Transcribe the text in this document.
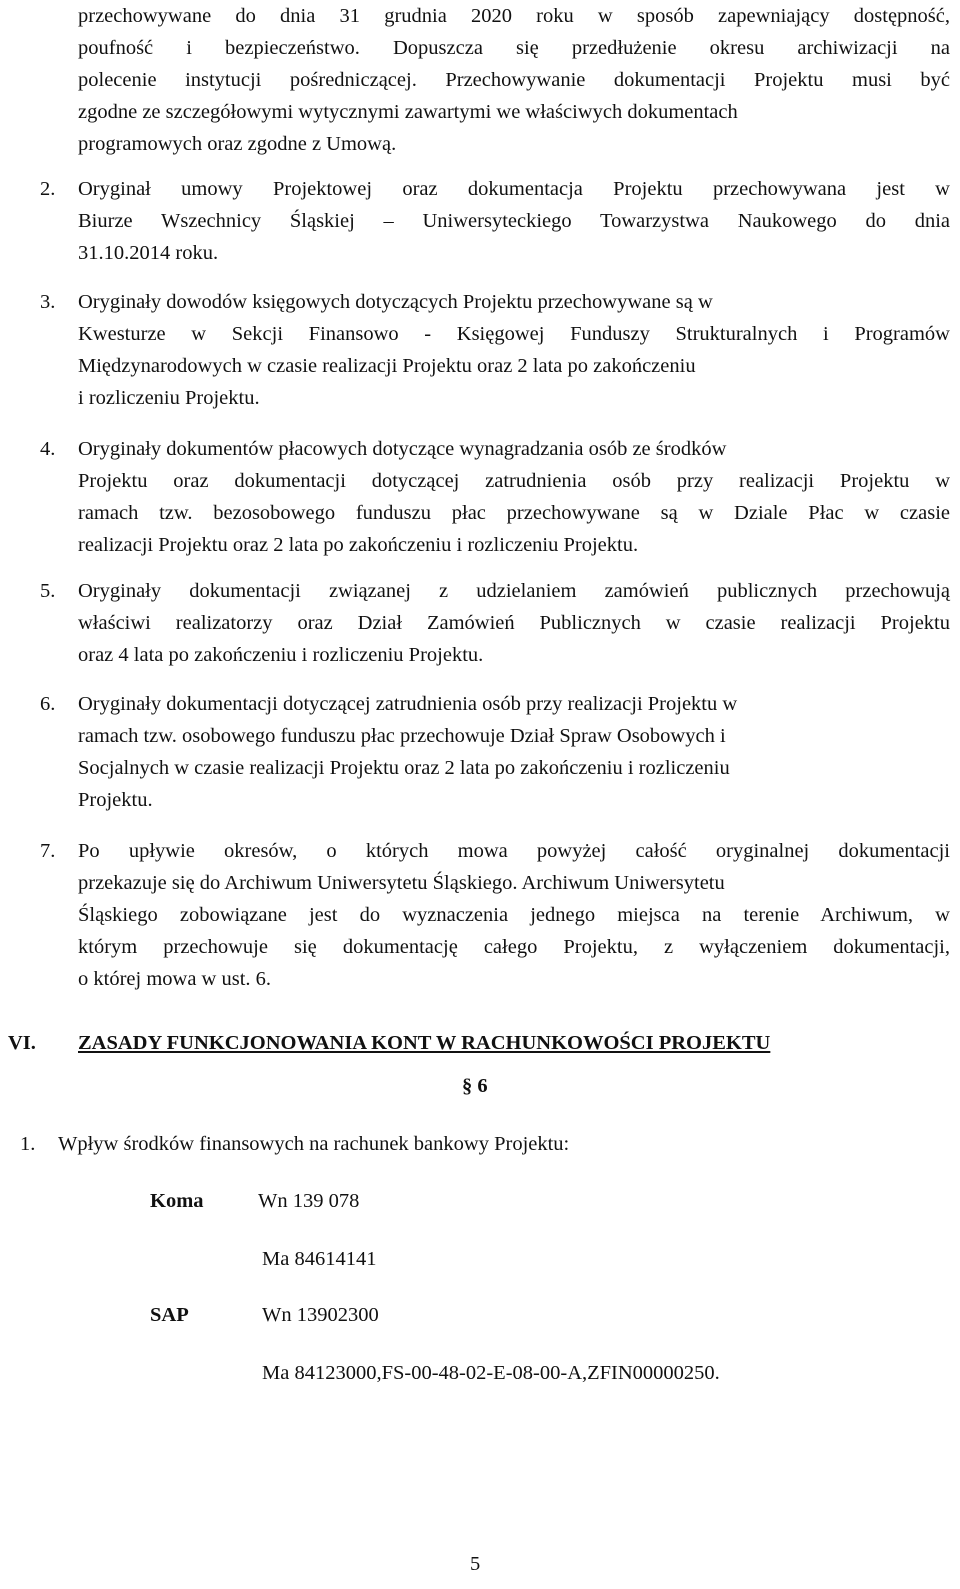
przechowywane do dnia 31 grudnia 2020 roku w sposób zapewniający dostępność,
poufność i bezpieczeństwo. Dopuszcza się przedłużenie okresu archiwizacji na
polecenie instytucji pośredniczącej. Przechowywanie dokumentacji Projektu musi być
zgodne ze szczegółowymi wytycznymi zawartymi we właściwych dokumentach
programowych oraz zgodne z Umową.
2.	Oryginał umowy Projektowej oraz dokumentacja Projektu przechowywana jest w
Biurze Wszechnicy Śląskiej – Uniwersyteckiego Towarzystwa Naukowego do dnia
31.10.2014 roku.
3.	Oryginały dowodów księgowych dotyczących Projektu przechowywane są w
Kwesturze w Sekcji Finansowo - Księgowej Funduszy Strukturalnych i Programów
Międzynarodowych w czasie realizacji Projektu oraz 2 lata po zakończeniu
i rozliczeniu Projektu.
4.	Oryginały dokumentów płacowych dotyczące wynagradzania osób ze środków
Projektu oraz dokumentacji dotyczącej zatrudnienia osób przy realizacji Projektu w
ramach tzw. bezosobowego funduszu płac przechowywane są w Dziale Płac w czasie
realizacji Projektu oraz 2 lata po zakończeniu i rozliczeniu Projektu.
5.	Oryginały dokumentacji związanej z udzielaniem zamówień publicznych przechowują
właściwi realizatorzy oraz Dział Zamówień Publicznych w czasie realizacji Projektu
oraz 4 lata po zakończeniu i rozliczeniu Projektu.
6.	Oryginały dokumentacji dotyczącej zatrudnienia osób przy realizacji Projektu w
ramach tzw. osobowego funduszu płac przechowuje Dział Spraw Osobowych i
Socjalnych w czasie realizacji Projektu oraz 2 lata po zakończeniu i rozliczeniu
Projektu.
7.	Po upływie okresów, o których mowa powyżej całość oryginalnej dokumentacji
przekazuje się do Archiwum Uniwersytetu Śląskiego. Archiwum Uniwersytetu
Śląskiego zobowiązane jest do wyznaczenia jednego miejsca na terenie Archiwum, w
którym przechowuje się dokumentację całego Projektu, z wyłączeniem dokumentacji,
o której mowa w ust. 6.
VI. ZASADY FUNKCJONOWANIA KONT W RACHUNKOWOŚCI PROJEKTU
§ 6
1. Wpływ środków finansowych na rachunek bankowy Projektu:
Koma	Wn 139 078
Ma 84614141
SAP	Wn 13902300
Ma 84123000,FS-00-48-02-E-08-00-A,ZFIN00000250.
5
